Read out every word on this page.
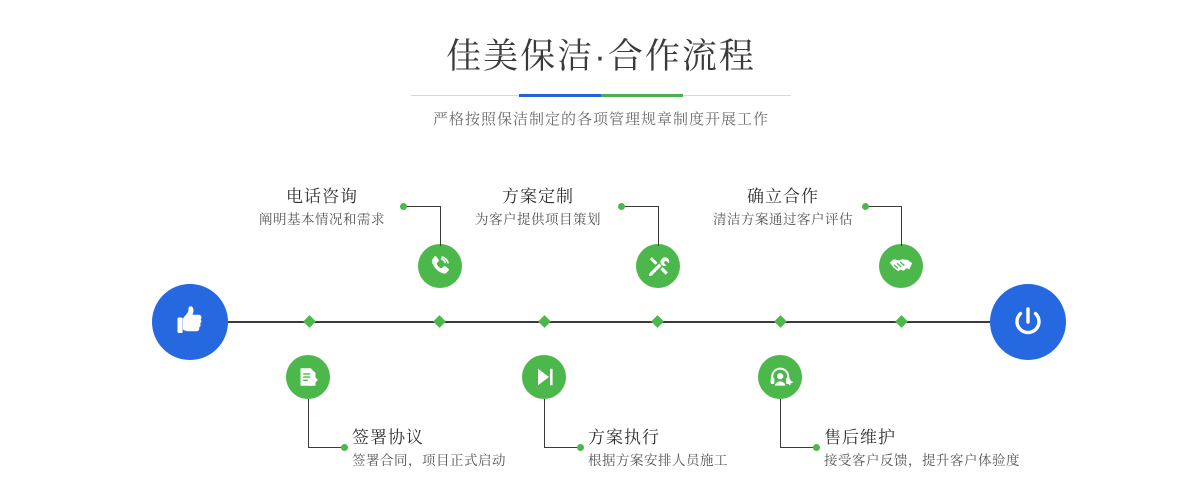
佳美保洁·合作流程

严格按照保洁制定的各项管理规章制度开展工作

电话咨询
阐明基本情况和需求
签署协议
签署合同，项目正式启动
方案定制
为客户提供项目策划
方案执行
根据方案安排人员施工
售后维护
接受客户反馈，提升客户体验度
确立合作
清洁方案通过客户评估
